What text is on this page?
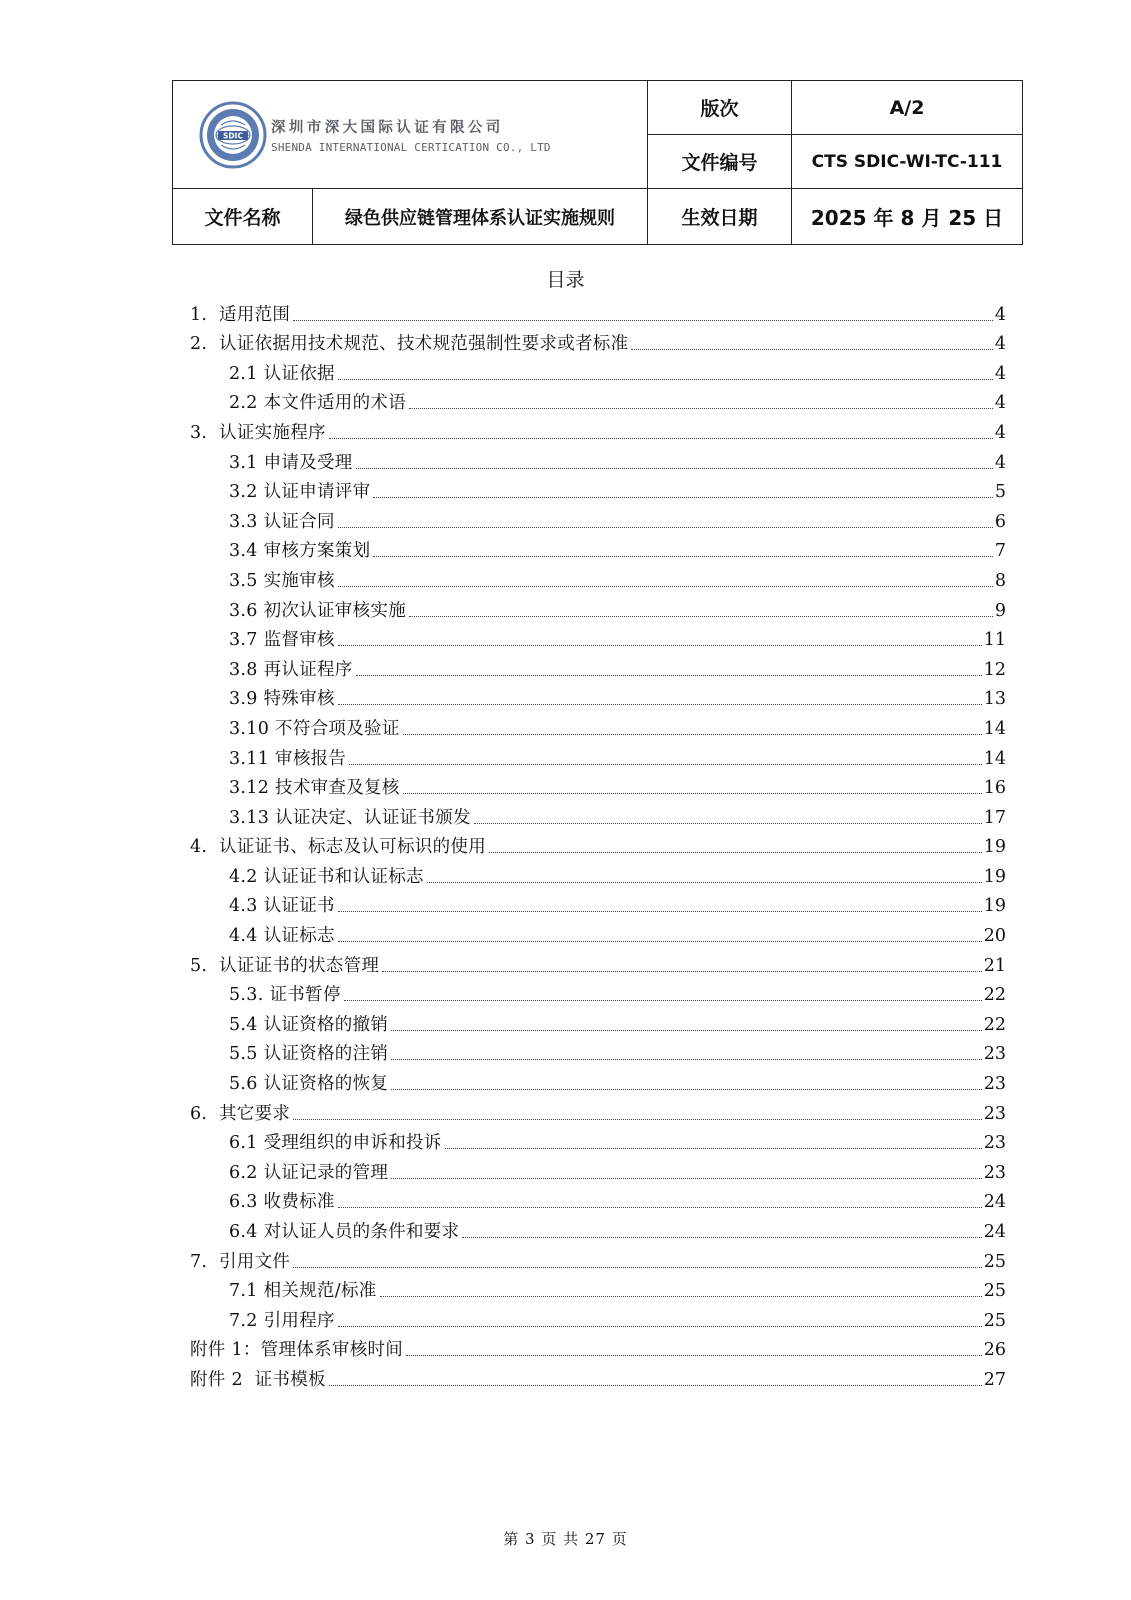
SDIC
深圳市深大国际认证有限公司
SHENDA INTERNATIONAL CERTICATION CO., LTD		版次	A/2
		文件编号	CTS SDIC-WI-TC-111
文件名称	绿色供应链管理体系认证实施规则	生效日期	2025 年 8 月 25 日
目录
1. 适用范围	4
2. 认证依据用技术规范、技术规范强制性要求或者标准	4
2.1 认证依据	4
2.2 本文件适用的术语	4
3. 认证实施程序	4
3.1 申请及受理	4
3.2 认证申请评审	5
3.3 认证合同	6
3.4 审核方案策划	7
3.5 实施审核	8
3.6 初次认证审核实施	9
3.7 监督审核	11
3.8 再认证程序	12
3.9 特殊审核	13
3.10 不符合项及验证	14
3.11 审核报告	14
3.12 技术审查及复核	16
3.13 认证决定、认证证书颁发	17
4. 认证证书、标志及认可标识的使用	19
4.2 认证证书和认证标志	19
4.3 认证证书	19
4.4 认证标志	20
5. 认证证书的状态管理	21
5.3. 证书暂停	22
5.4 认证资格的撤销	22
5.5 认证资格的注销	23
5.6 认证资格的恢复	23
6. 其它要求	23
6.1 受理组织的申诉和投诉	23
6.2 认证记录的管理	23
6.3 收费标准	24
6.4 对认证人员的条件和要求	24
7. 引用文件	25
7.1 相关规范/标准	25
7.2 引用程序	25
附件 1：管理体系审核时间	26
附件 2  证书模板	27
第 3 页 共 27 页
